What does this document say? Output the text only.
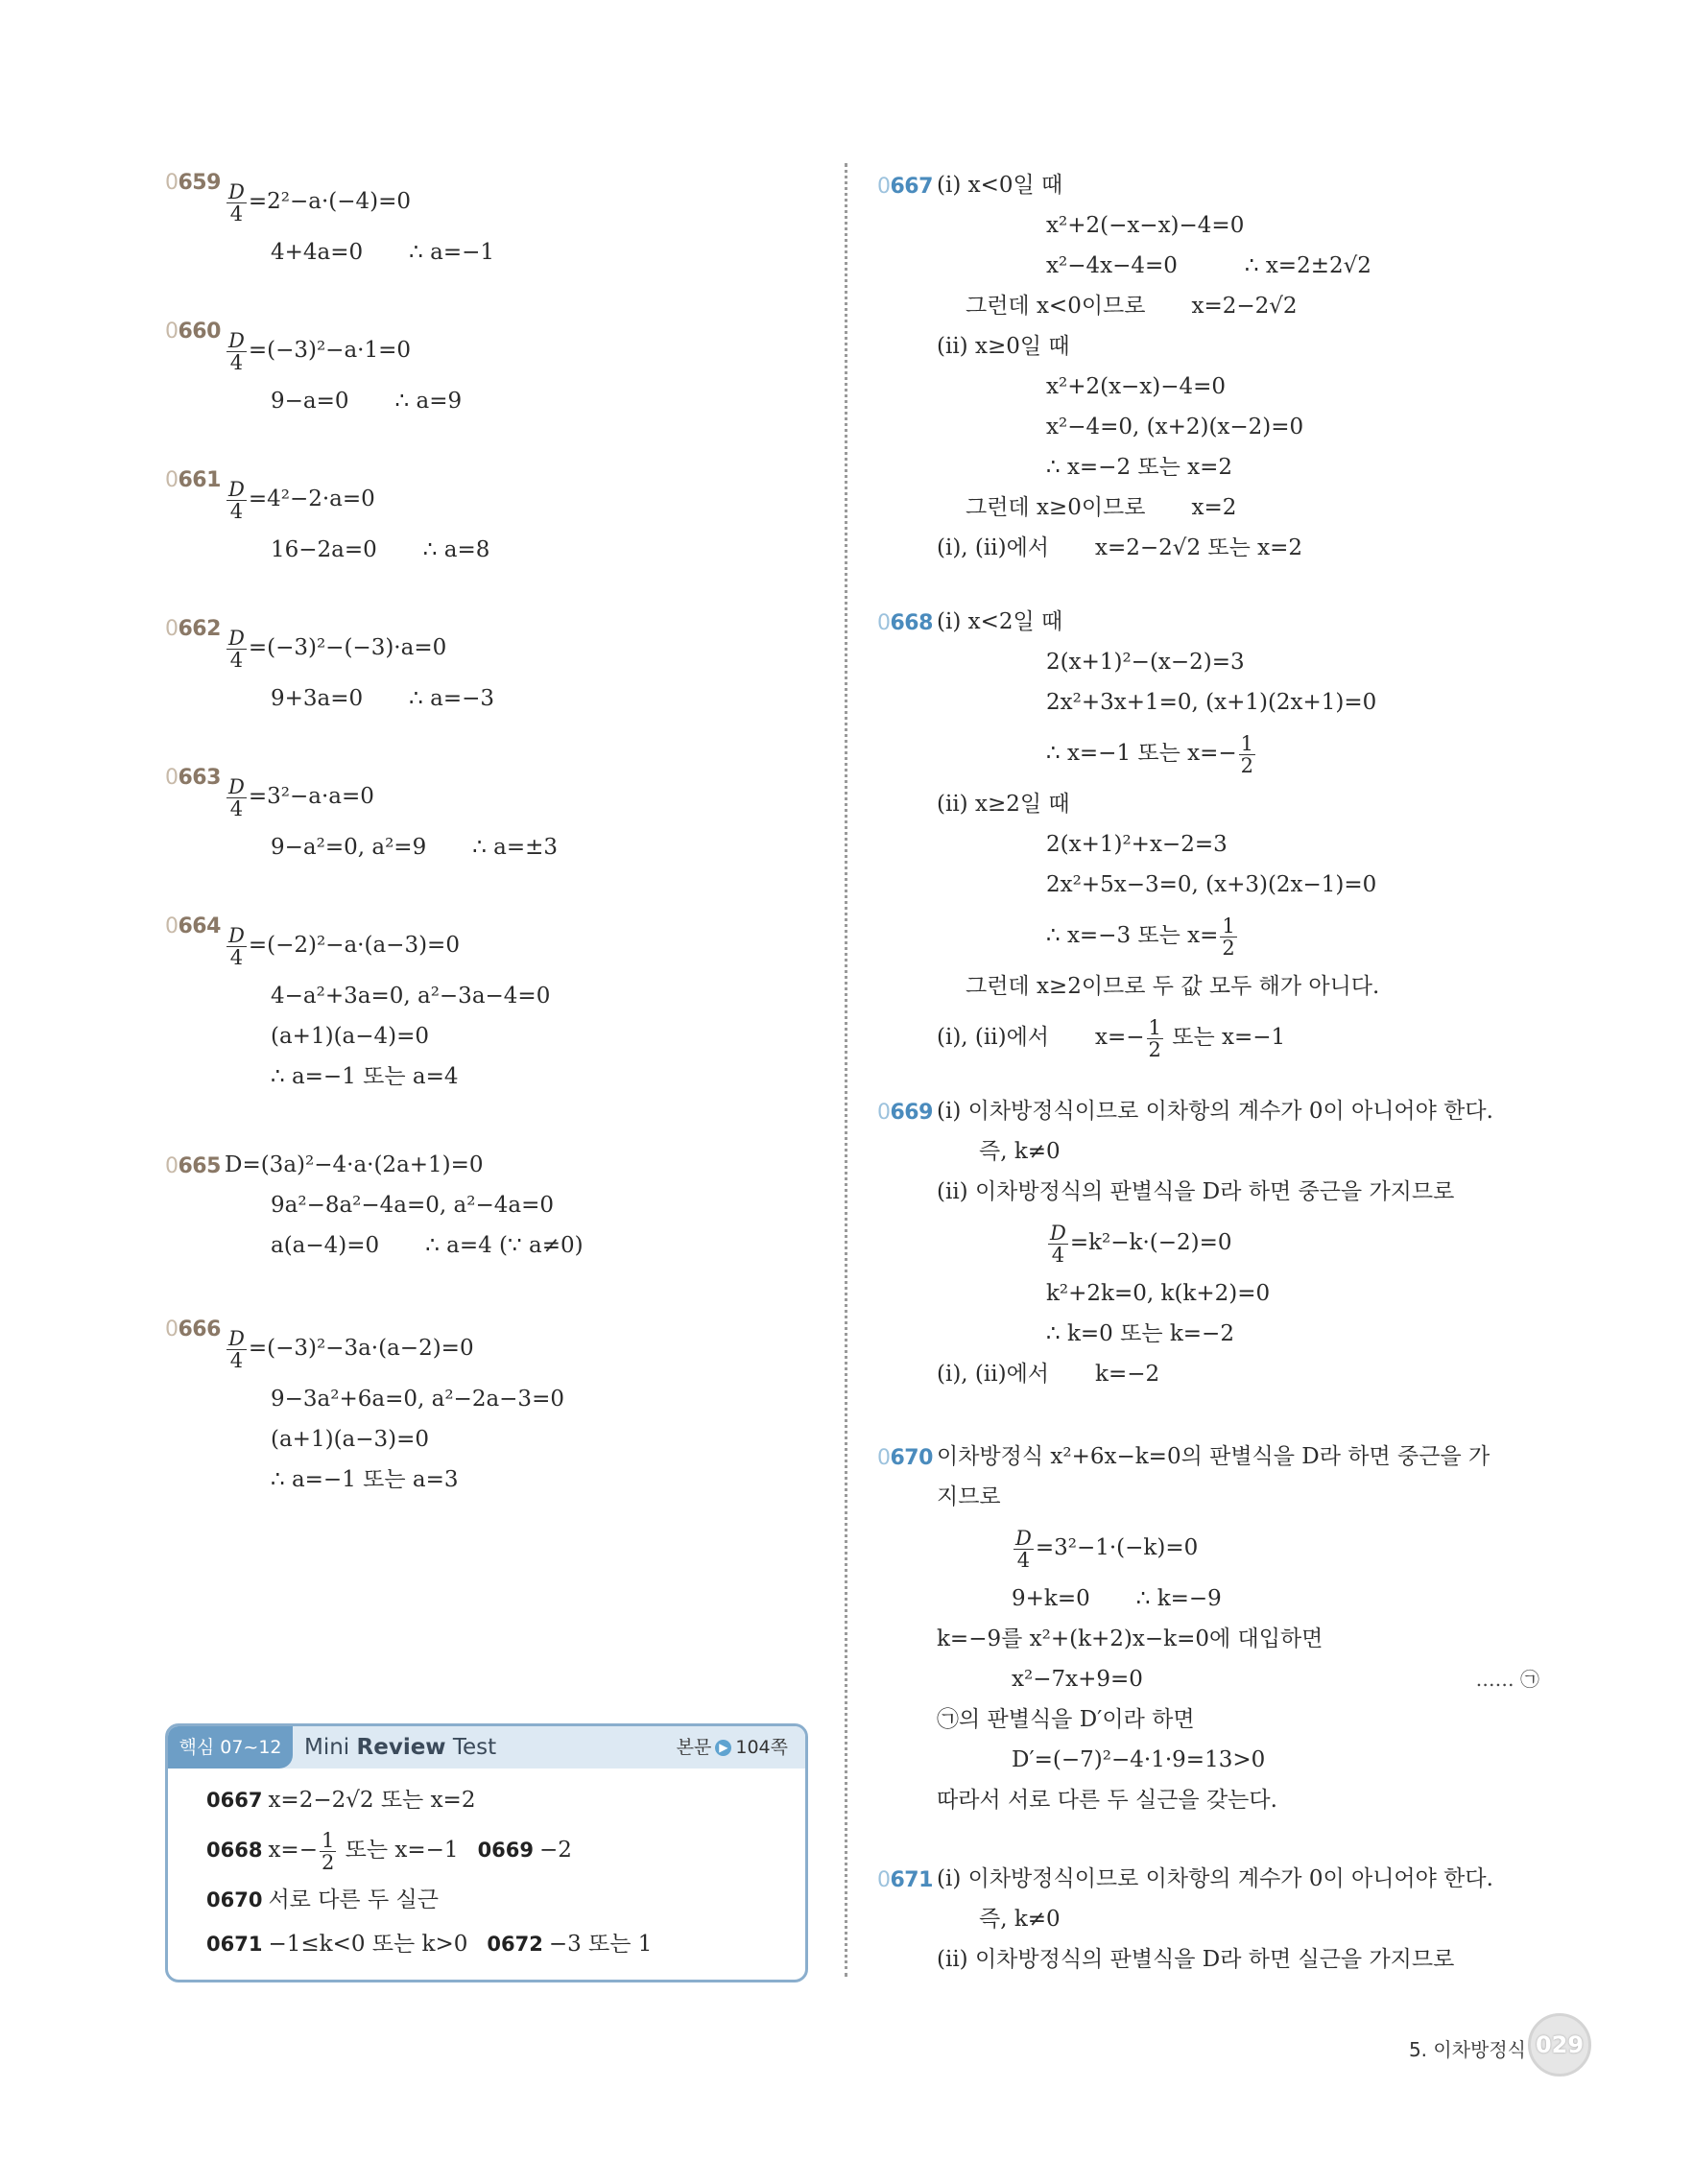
$0659 \frac{D}{4} =2^2-a\cdot(-4)=0$
4+4a=0 ∴ a=−1
$0660 \frac{D}{4} =(-3)^2-a\cdot 1=0$
9−a=0 ∴ a=9
$0661 \frac{D}{4} =4^2-2\cdot a=0$
16−2a=0 ∴ a=8
$0662 \frac{D}{4} =(-3)^2-(-3)\cdot a=0$
9+3a=0 ∴ a=−3
$0663 \frac{D}{4} =3^2-a\cdot a=0$
9−a²=0, a²=9 ∴ a=±3
$0664 \frac{D}{4} =(-2)^2-a\cdot(a-3)=0$
4−a²+3a=0, a²−3a−4=0
(a+1)(a−4)=0
∴ a=−1 또는 a=4
0665 D=(3a)²−4·a·(2a+1)=0
9a²−8a²−4a=0, a²−4a=0
a(a−4)=0 ∴ a=4 (∵ a≠0)
$0666 \frac{D}{4} =(-3)^2-3a\cdot(a-2)=0$
9−3a²+6a=0, a²−2a−3=0
(a+1)(a−3)=0
∴ a=−1 또는 a=3
핵심 07~12	Mini Review Test	본문 ▶ 104쪽
0667 x=2−2√2 또는 x=2
0668 $x=- \frac{1}{2}$ 또는 x=−1 0669 −2
0670 서로 다른 두 실근
0671 −1≤k<0 또는 k>0 0672 −3 또는 1
0667 (i) x<0일 때
x²+2(−x−x)−4=0
x²−4x−4=0	∴ x=2±2√2
그런데 x<0이므로 x=2−2√2
(ii) x≥0일 때
x²+2(x−x)−4=0
x²−4=0, (x+2)(x−2)=0
∴ x=−2 또는 x=2
그런데 x≥0이므로 x=2
(i), (ii)에서 x=2−2√2 또는 x=2
0668 (i) x<2일 때
2(x+1)²−(x−2)=3
2x²+3x+1=0, (x+1)(2x+1)=0
∴ x=−1 또는 $x=- \frac{1}{2}$
(ii) x≥2일 때
2(x+1)²+x−2=3
2x²+5x−3=0, (x+3)(2x−1)=0
∴ x=−3 또는 $x= \frac{1}{2}$
그런데 x≥2이므로 두 값 모두 해가 아니다.
(i), (ii)에서 $x=- \frac{1}{2}$ 또는 x=−1
0669 (i) 이차방정식이므로 이차항의 계수가 0이 아니어야 한다.
즉, k≠0
(ii) 이차방정식의 판별식을 D라 하면 중근을 가지므로
$\frac{D}{4} =k^2-k\cdot(-2)=0$
k²+2k=0, k(k+2)=0
∴ k=0 또는 k=−2
(i), (ii)에서 k=−2
0670 이차방정식 x²+6x−k=0의 판별식을 D라 하면 중근을 가
지므로
$\frac{D}{4} =3^2-1\cdot(-k)=0$
9+k=0 ∴ k=−9
k=−9를 x²+(k+2)x−k=0에 대입하면
x²−7x+9=0	…… ㉠
㉠의 판별식을 D′이라 하면
D′=(−7)²−4·1·9=13>0
따라서 서로 다른 두 실근을 갖는다.
0671 (i) 이차방정식이므로 이차항의 계수가 0이 아니어야 한다.
즉, k≠0
(ii) 이차방정식의 판별식을 D라 하면 실근을 가지므로
5. 이차방정식 029
